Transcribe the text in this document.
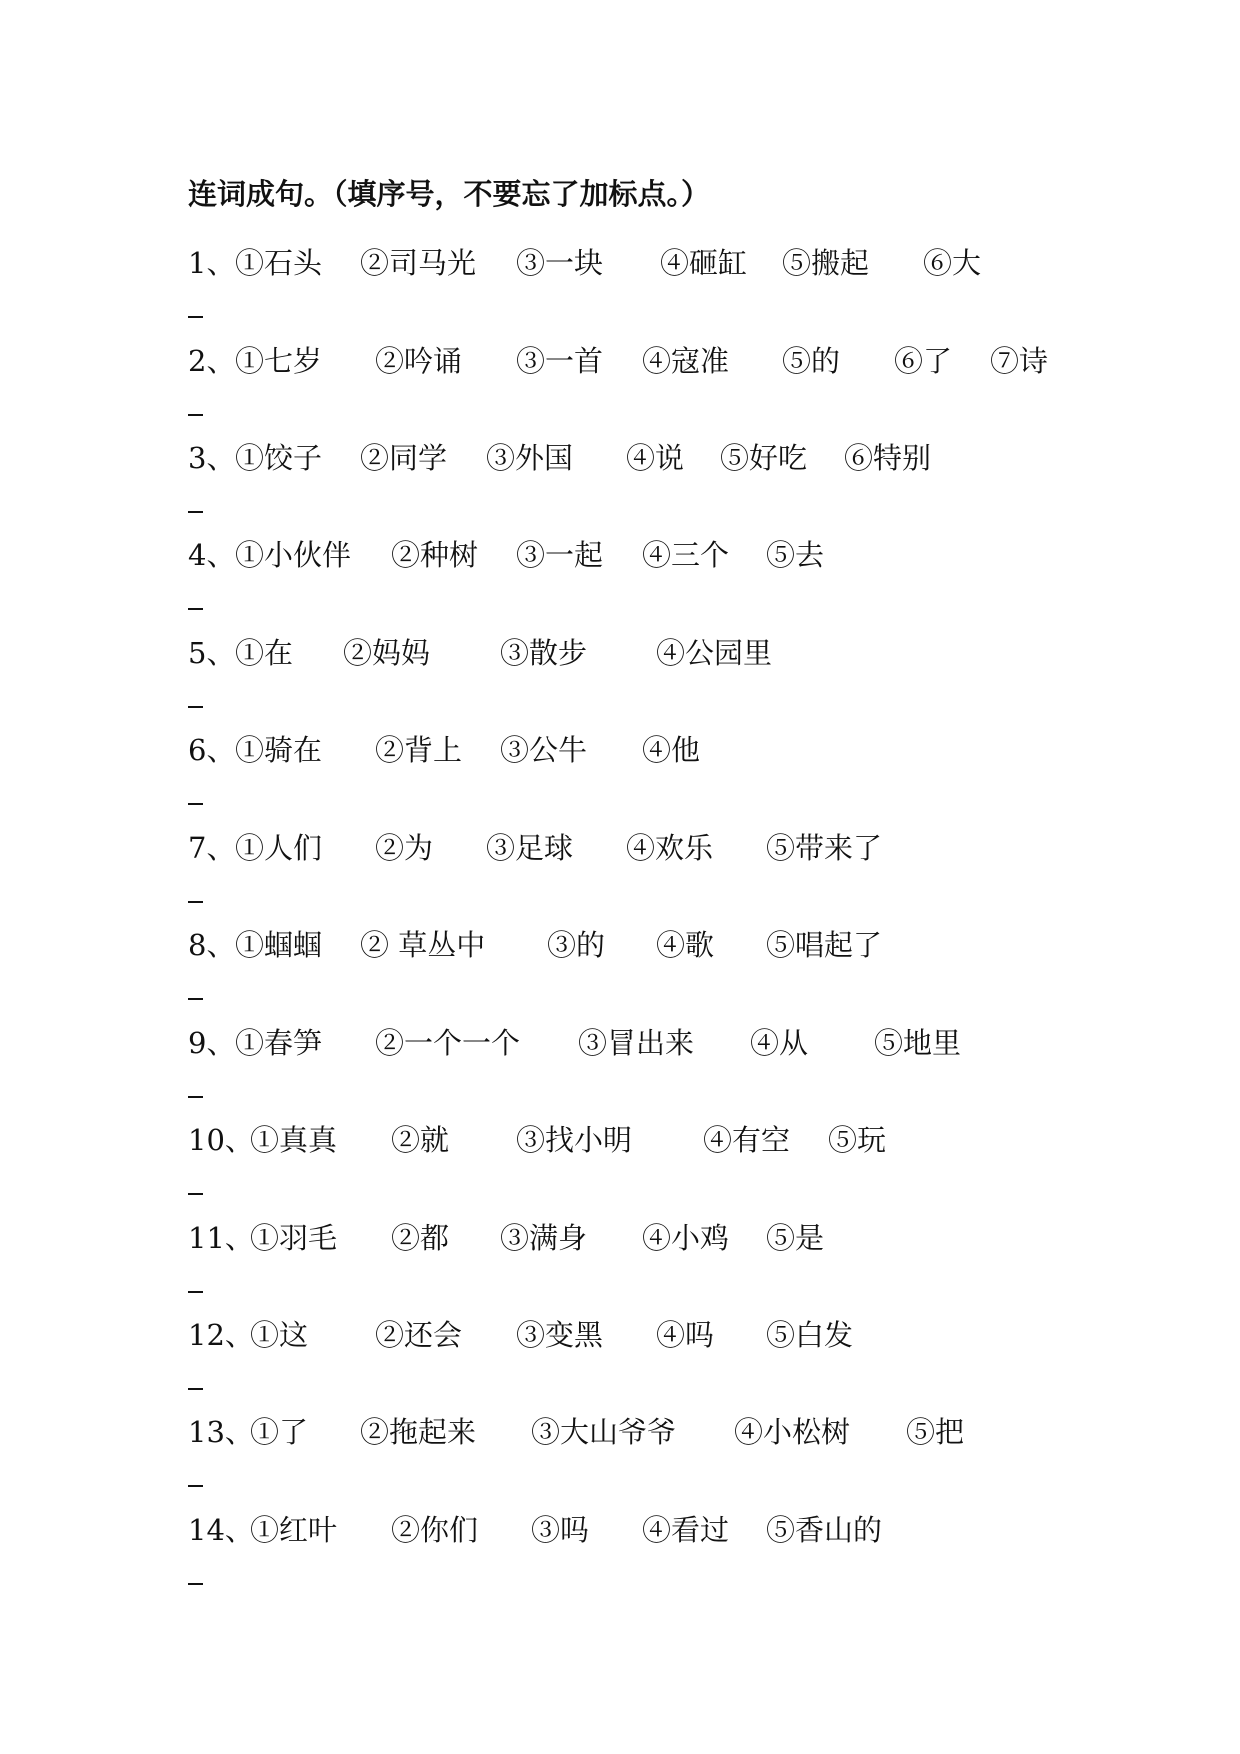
连词成句。（填序号，不要忘了加标点。）
1、 ①石头 ②司马光 ③一块 ④砸缸 ⑤搬起 ⑥大
2、 ①七岁 ②吟诵 ③一首 ④寇准 ⑤的 ⑥了 ⑦诗
3、 ①饺子 ②同学 ③外国 ④说 ⑤好吃 ⑥特别
4、 ①小伙伴 ②种树 ③一起 ④三个 ⑤去
5、 ①在 ②妈妈 ③散步 ④公园里
6、 ①骑在 ②背上 ③公牛 ④他
7、 ①人们 ②为 ③足球 ④欢乐 ⑤带来了
8、 ①蝈蝈 ② 草丛中 ③的 ④歌 ⑤唱起了
9、 ①春笋 ②一个一个 ③冒出来 ④从 ⑤地里
10、
①真真 ②就 ③找小明 ④有空 ⑤玩
11、
①羽毛 ②都 ③满身 ④小鸡 ⑤是
12、
①这 ②还会 ③变黑 ④吗 ⑤白发
13、
①了 ②拖起来 ③大山爷爷 ④小松树 ⑤把
14、
①红叶 ②你们 ③吗 ④看过 ⑤香山的
